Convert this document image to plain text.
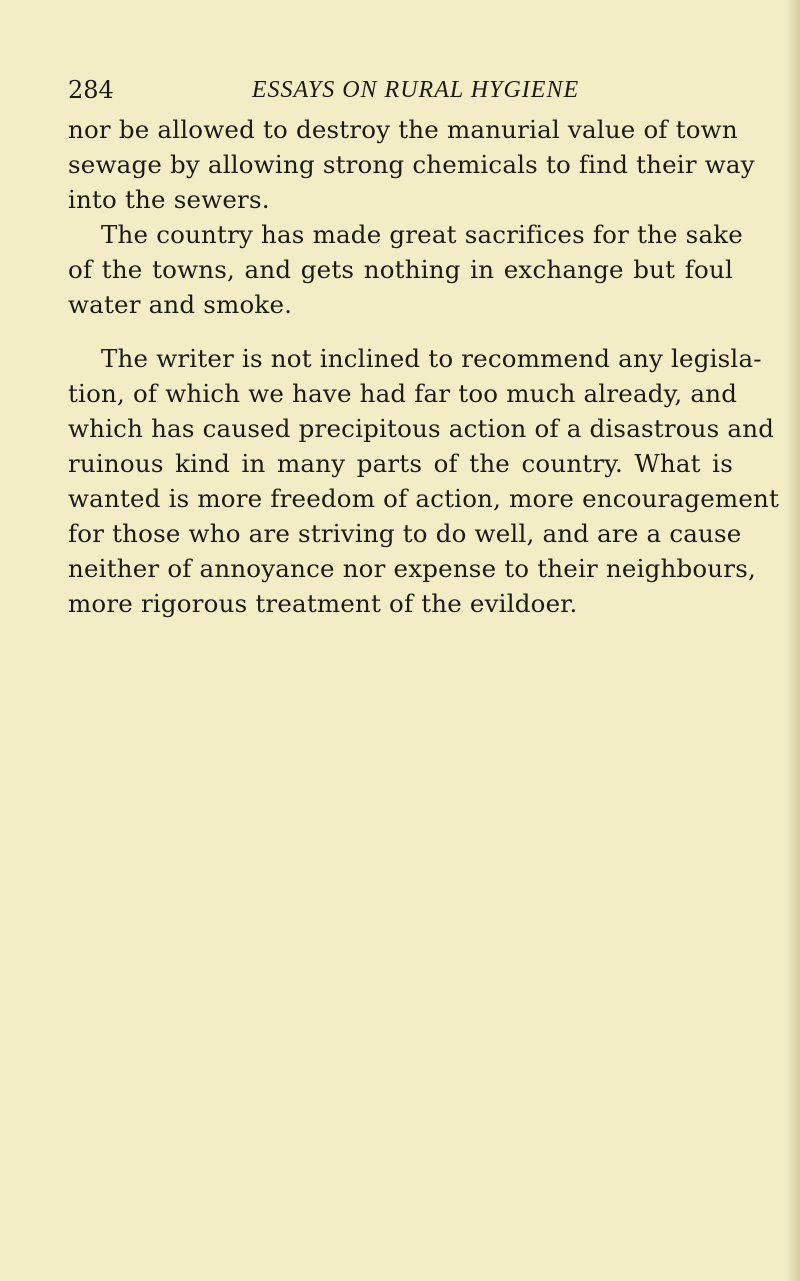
284	ESSAYS ON RURAL HYGIENE
nor be allowed to destroy the manurial value of town
sewage by allowing strong chemicals to find their way
into the sewers.
The country has made great sacrifices for the sake
of the towns, and gets nothing in exchange but foul
water and smoke.
The writer is not inclined to recommend any legisla-
tion, of which we have had far too much already, and
which has caused precipitous action of a disastrous and
ruinous kind in many parts of the country. What is
wanted is more freedom of action, more encouragement
for those who are striving to do well, and are a cause
neither of annoyance nor expense to their neighbours,
more rigorous treatment of the evildoer.
